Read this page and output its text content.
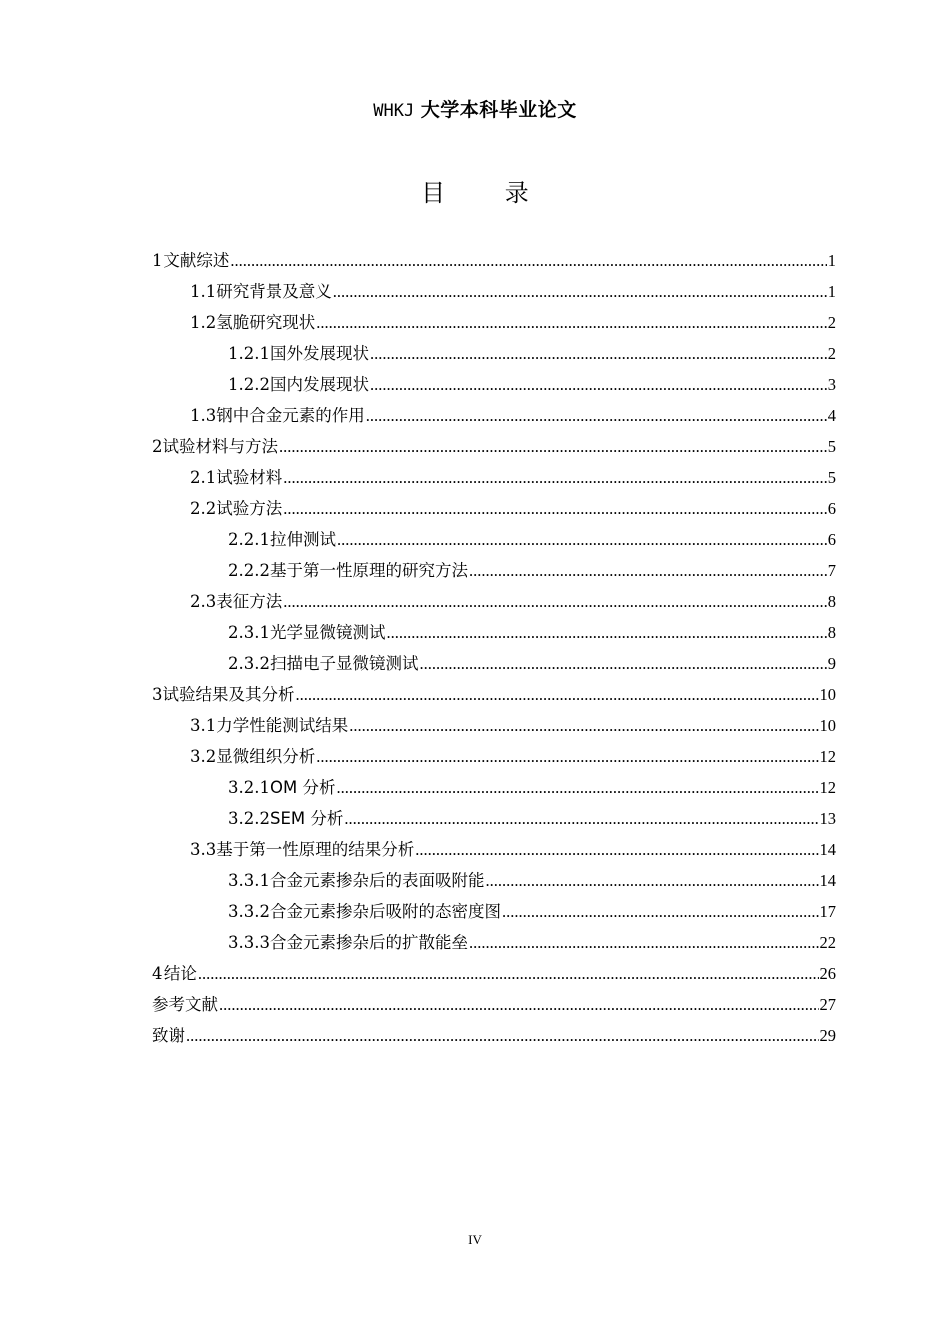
WHKJ 大学本科毕业论文
目 录
1 文献综述 .....	1
1.1 研究背景及意义 .....	1
1.2 氢脆研究现状 .....	2
1.2.1 国外发展现状 .....	2
1.2.2 国内发展现状 .....	3
1.3 钢中合金元素的作用 .....	4
2 试验材料与方法 .....	5
2.1 试验材料 .....	5
2.2 试验方法 .....	6
2.2.1 拉伸测试 .....	6
2.2.2 基于第一性原理的研究方法 .....	7
2.3 表征方法 .....	8
2.3.1 光学显微镜测试 .....	8
2.3.2 扫描电子显微镜测试 .....	9
3 试验结果及其分析 .....	10
3.1 力学性能测试结果 .....	10
3.2 显微组织分析 .....	12
3.2.1 OM 分析 .....	12
3.2.2 SEM 分析 .....	13
3.3 基于第一性原理的结果分析 .....	14
3.3.1 合金元素掺杂后的表面吸附能 .....	14
3.3.2 合金元素掺杂后吸附的态密度图 .....	17
3.3.3 合金元素掺杂后的扩散能垒 .....	22
4 结论 .....	26
参考文献 .....	27
致谢 .....	29
IV
